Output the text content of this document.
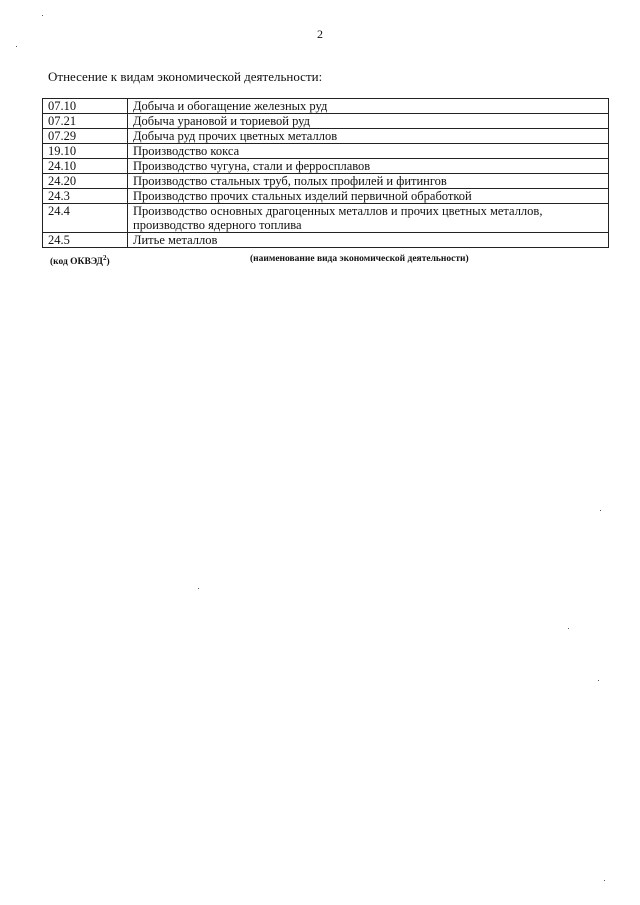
2
Отнесение к видам экономической деятельности:
07.10	Добыча и обогащение железных руд
07.21	Добыча урановой и ториевой руд
07.29	Добыча руд прочих цветных металлов
19.10	Производство кокса
24.10	Производство чугуна, стали и ферросплавов
24.20	Производство стальных труб, полых профилей и фитингов
24.3	Производство прочих стальных изделий первичной обработкой
24.4	Производство основных драгоценных металлов и прочих цветных металлов, производство ядерного топлива
24.5	Литье металлов
(код ОКВЭД$^2$)	(наименование вида экономической деятельности)
